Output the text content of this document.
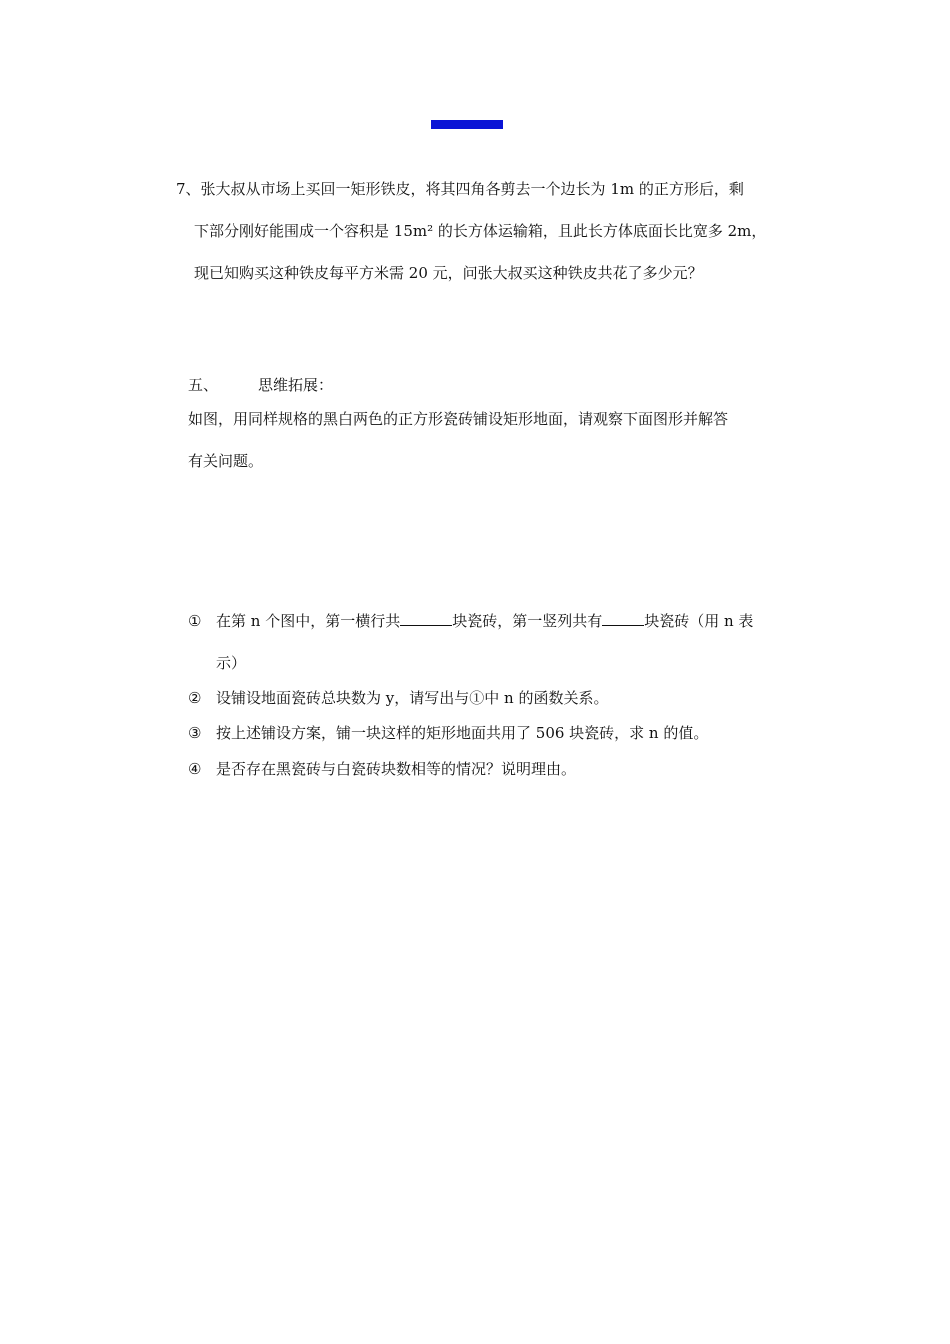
7、张大叔从市场上买回一矩形铁皮，将其四角各剪去一个边长为 1m 的正方形后，剩
下部分刚好能围成一个容积是 15m² 的长方体运输箱，且此长方体底面长比宽多 2m，
现已知购买这种铁皮每平方米需 20 元，问张大叔买这种铁皮共花了多少元？
五、	思维拓展：
如图，用同样规格的黑白两色的正方形瓷砖铺设矩形地面，请观察下面图形并解答
有关问题。
① 在第 n 个图中，第一横行共	块瓷砖，第一竖列共有	块瓷砖（用 n 表
示）
② 设铺设地面瓷砖总块数为 y，请写出与①中 n 的函数关系。
③ 按上述铺设方案，铺一块这样的矩形地面共用了 506 块瓷砖，求 n 的值。
④ 是否存在黑瓷砖与白瓷砖块数相等的情况？说明理由。
